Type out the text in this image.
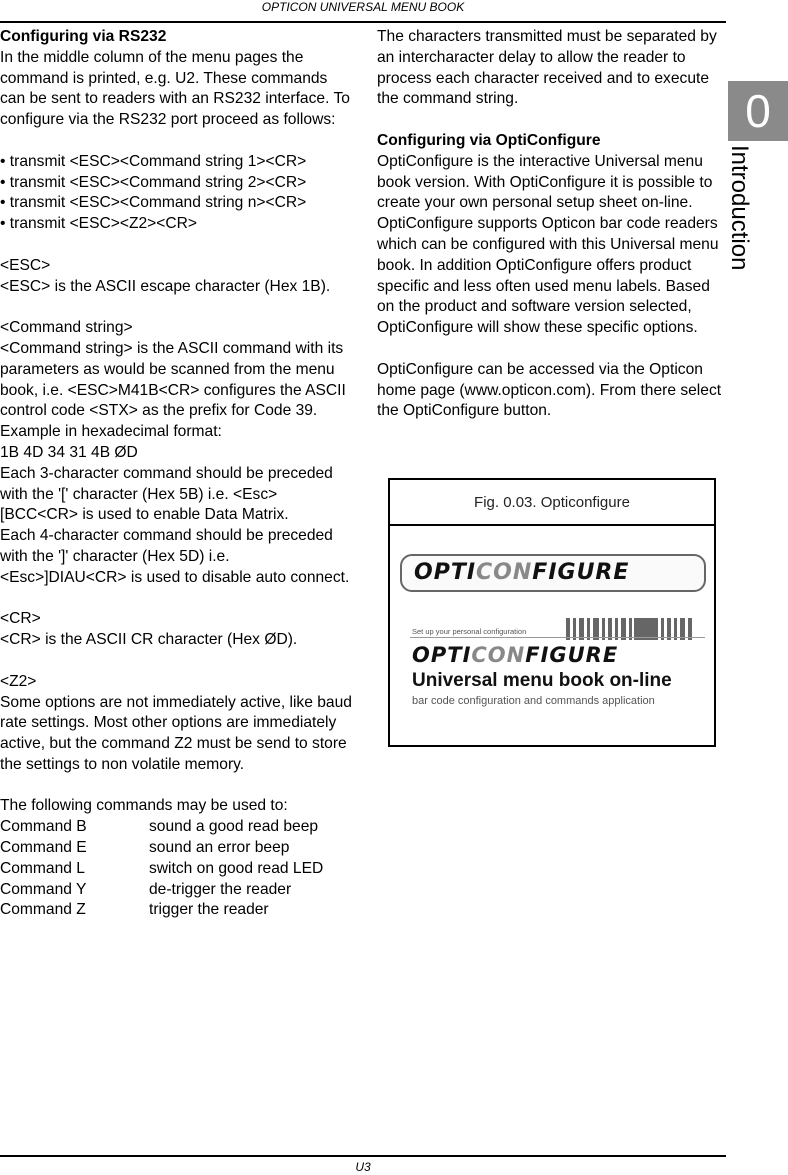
OPTICON UNIVERSAL MENU BOOK
0
Introduction

Configuring via RS232

In the middle column of the menu pages the command is printed, e.g. U2. These commands can be sent to readers with an RS232 interface. To configure via the RS232 port proceed as follows:

• transmit <ESC><Command string 1><CR>

• transmit <ESC><Command string 2><CR>

• transmit <ESC><Command string n><CR>

• transmit <ESC><Z2><CR>

<ESC>

<ESC> is the ASCII escape character (Hex 1B).

<Command string>

<Command string> is the ASCII command with its parameters as would be scanned from the menu book, i.e. <ESC>M41B<CR> configures the ASCII control code <STX> as the prefix for Code 39.

Example in hexadecimal format:

1B 4D 34 31 4B ØD

Each 3-character command should be preceded with the '[' character (Hex 5B) i.e. <Esc>[BCC<CR> is used to enable Data Matrix.

Each 4-character command should be preceded with the ']' character (Hex 5D) i.e. <Esc>]DIAU<CR> is used to disable auto connect.

<CR>

<CR> is the ASCII CR character (Hex ØD).

<Z2>

Some options are not immediately active, like baud rate settings. Most other options are immediately active, but the command Z2 must be send to store the settings to non volatile memory.

The following commands may be used to:

Command B	sound a good read beep
Command E	sound an error beep
Command L	switch on good read LED
Command Y	de-trigger the reader
Command Z	trigger the reader

The characters transmitted must be separated by an intercharacter delay to allow the reader to process each character received and to execute the command string.

Configuring via OptiConfigure

OptiConfigure is the interactive Universal menu book version. With OptiConfigure it is possible to create your own personal setup sheet on-line. OptiConfigure supports Opticon bar code readers which can be configured with this Universal menu book. In addition OptiConfigure offers product specific and less often used menu labels. Based on the product and software version selected, OptiConfigure will show these specific options.

OptiConfigure can be accessed via the Opticon home page (www.opticon.com). From there select the OptiConfigure button.

Fig. 0.03. Opticonfigure
OPTICONFIGURE
Set up your personal configuration
OPTICONFIGURE
Universal menu book on-line
bar code configuration and commands application
U3
